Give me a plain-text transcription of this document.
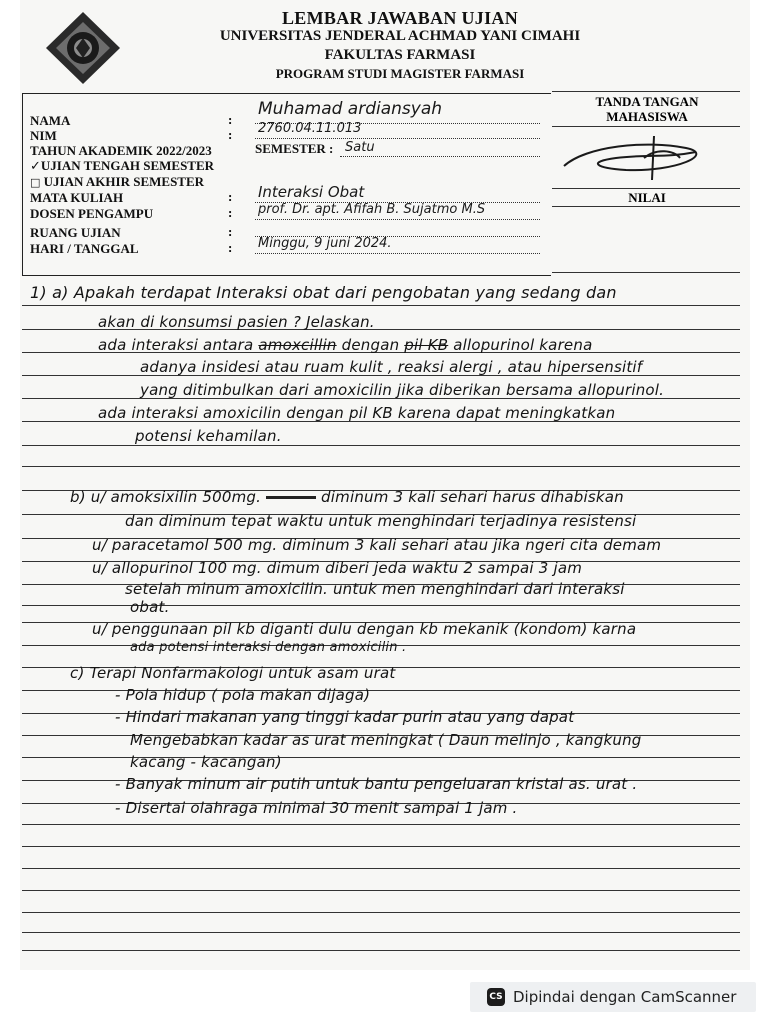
LEMBAR JAWABAN UJIAN
UNIVERSITAS JENDERAL ACHMAD YANI CIMAHI
FAKULTAS FARMASI
PROGRAM STUDI MAGISTER FARMASI
NAMA
NIM
TAHUN AKADEMIK 2022/2023
✓UJIAN TENGAH SEMESTER
□ UJIAN AKHIR SEMESTER
MATA KULIAH
DOSEN PENGAMPU
RUANG UJIAN
HARI / TANGGAL
SEMESTER :
:
:
:
:
:
:
Muhamad ardiansyah
2760.04.11.013
Satu
Interaksi Obat
prof. Dr. apt. Afifah B. Sujatmo M.S
Minggu, 9 juni 2024.
TANDA TANGAN MAHASISWA
NILAI
1) a) Apakah terdapat Interaksi obat dari pengobatan yang sedang dan
akan di konsumsi pasien ? Jelaskan.
ada interaksi antara amoxcillin dengan pil KB allopurinol karena
adanya insidesi atau ruam kulit , reaksi alergi , atau hipersensitif
yang ditimbulkan dari amoxicilin jika diberikan bersama allopurinol.
ada interaksi amoxicilin dengan pil KB karena dapat meningkatkan
potensi kehamilan.
b) u/ amoksixilin 500mg.	diminum 3 kali sehari harus dihabiskan
dan diminum tepat waktu untuk menghindari terjadinya resistensi
u/ paracetamol 500 mg. diminum 3 kali sehari atau jika ngeri cita demam
u/ allopurinol 100 mg. dimum diberi jeda waktu 2 sampai 3 jam
setelah minum amoxicilin. untuk men menghindari dari interaksi
obat.
u/ penggunaan pil kb diganti dulu dengan kb mekanik (kondom) karna
ada potensi interaksi dengan amoxicilin .
c) Terapi Nonfarmakologi untuk asam urat
- Pola hidup ( pola makan dijaga)
- Hindari makanan yang tinggi kadar purin atau yang dapat
Mengebabkan kadar as urat meningkat ( Daun melinjo , kangkung
kacang - kacangan)
- Banyak minum air putih untuk bantu pengeluaran kristal as. urat .
- Disertai olahraga minimal 30 menit sampai 1 jam .
CS Dipindai dengan CamScanner
